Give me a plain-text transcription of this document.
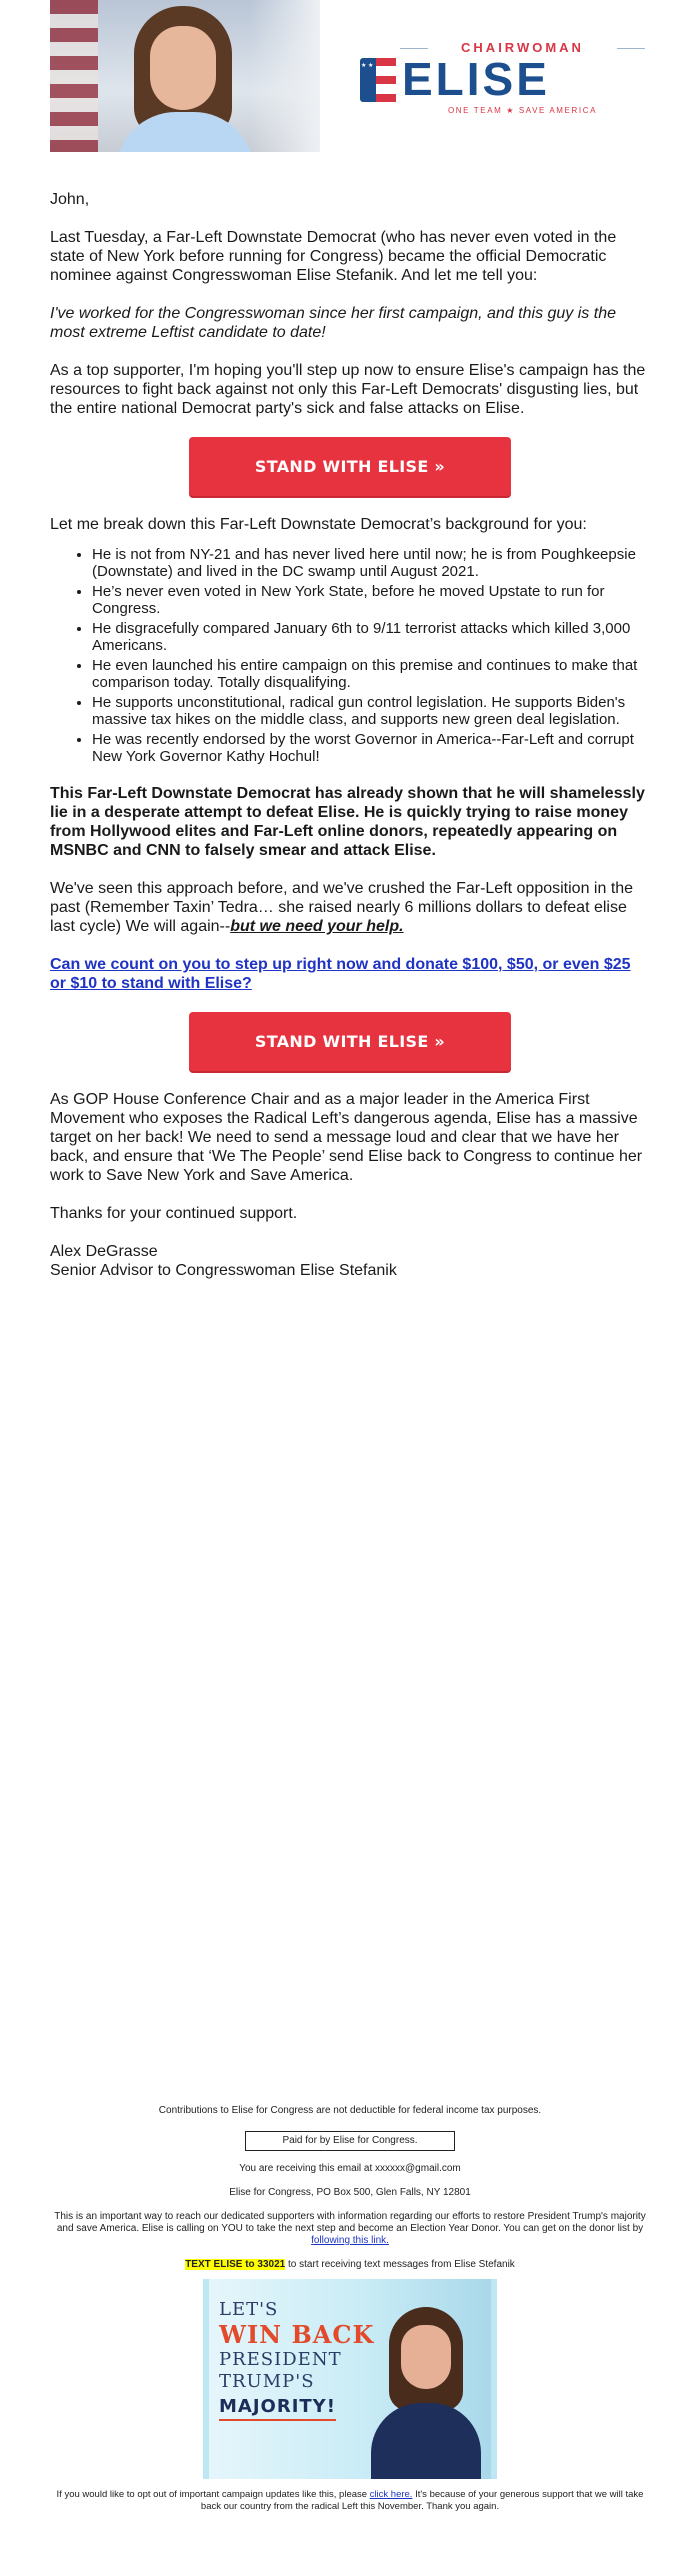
CHAIRWOMAN
★ ★
ELISE
ONE TEAM ★ SAVE AMERICA

John,

Last Tuesday, a Far-Left Downstate Democrat (who has never even voted in the state of New York before running for Congress) became the official Democratic nominee against Congresswoman Elise Stefanik. And let me tell you:

I've worked for the Congresswoman since her first campaign, and this guy is the most extreme Leftist candidate to date!

As a top supporter, I'm hoping you'll step up now to ensure Elise's campaign has the resources to fight back against not only this Far-Left Democrats' disgusting lies, but the entire national Democrat party's sick and false attacks on Elise.

STAND WITH ELISE »

Let me break down this Far-Left Downstate Democrat’s background for you:

• He is not from NY-21 and has never lived here until now; he is from Poughkeepsie (Downstate) and lived in the DC swamp until August 2021.
• He’s never even voted in New York State, before he moved Upstate to run for Congress.
• He disgracefully compared January 6th to 9/11 terrorist attacks which killed 3,000 Americans.
• He even launched his entire campaign on this premise and continues to make that comparison today. Totally disqualifying.
• He supports unconstitutional, radical gun control legislation. He supports Biden's massive tax hikes on the middle class, and supports new green deal legislation.
• He was recently endorsed by the worst Governor in America--Far-Left and corrupt New York Governor Kathy Hochul!

This Far-Left Downstate Democrat has already shown that he will shamelessly lie in a desperate attempt to defeat Elise. He is quickly trying to raise money from Hollywood elites and Far-Left online donors, repeatedly appearing on MSNBC and CNN to falsely smear and attack Elise.

We've seen this approach before, and we've crushed the Far-Left opposition in the past (Remember Taxin’ Tedra… she raised nearly 6 millions dollars to defeat elise last cycle) We will again--but we need your help.

Can we count on you to step up right now and donate $100, $50, or even $25 or $10 to stand with Elise?

STAND WITH ELISE »

As GOP House Conference Chair and as a major leader in the America First Movement who exposes the Radical Left’s dangerous agenda, Elise has a massive target on her back! We need to send a message loud and clear that we have her back, and ensure that ‘We The People’ send Elise back to Congress to continue her work to Save New York and Save America.

Thanks for your continued support.

Alex DeGrasse
Senior Advisor to Congresswoman Elise Stefanik

Contributions to Elise for Congress are not deductible for federal income tax purposes.
Paid for by Elise for Congress.
You are receiving this email at xxxxxx@gmail.com
Elise for Congress, PO Box 500, Glen Falls, NY 12801
This is an important way to reach our dedicated supporters with information regarding our efforts to restore President Trump's majority and save America. Elise is calling on YOU to take the next step and become an Election Year Donor. You can get on the donor list by following this link.
TEXT ELISE to 33021 to start receiving text messages from Elise Stefanik
LET'S
WIN BACK
PRESIDENT
TRUMP'S
MAJORITY!
If you would like to opt out of important campaign updates like this, please click here. It's because of your generous support that we will take back our country from the radical Left this November. Thank you again.
